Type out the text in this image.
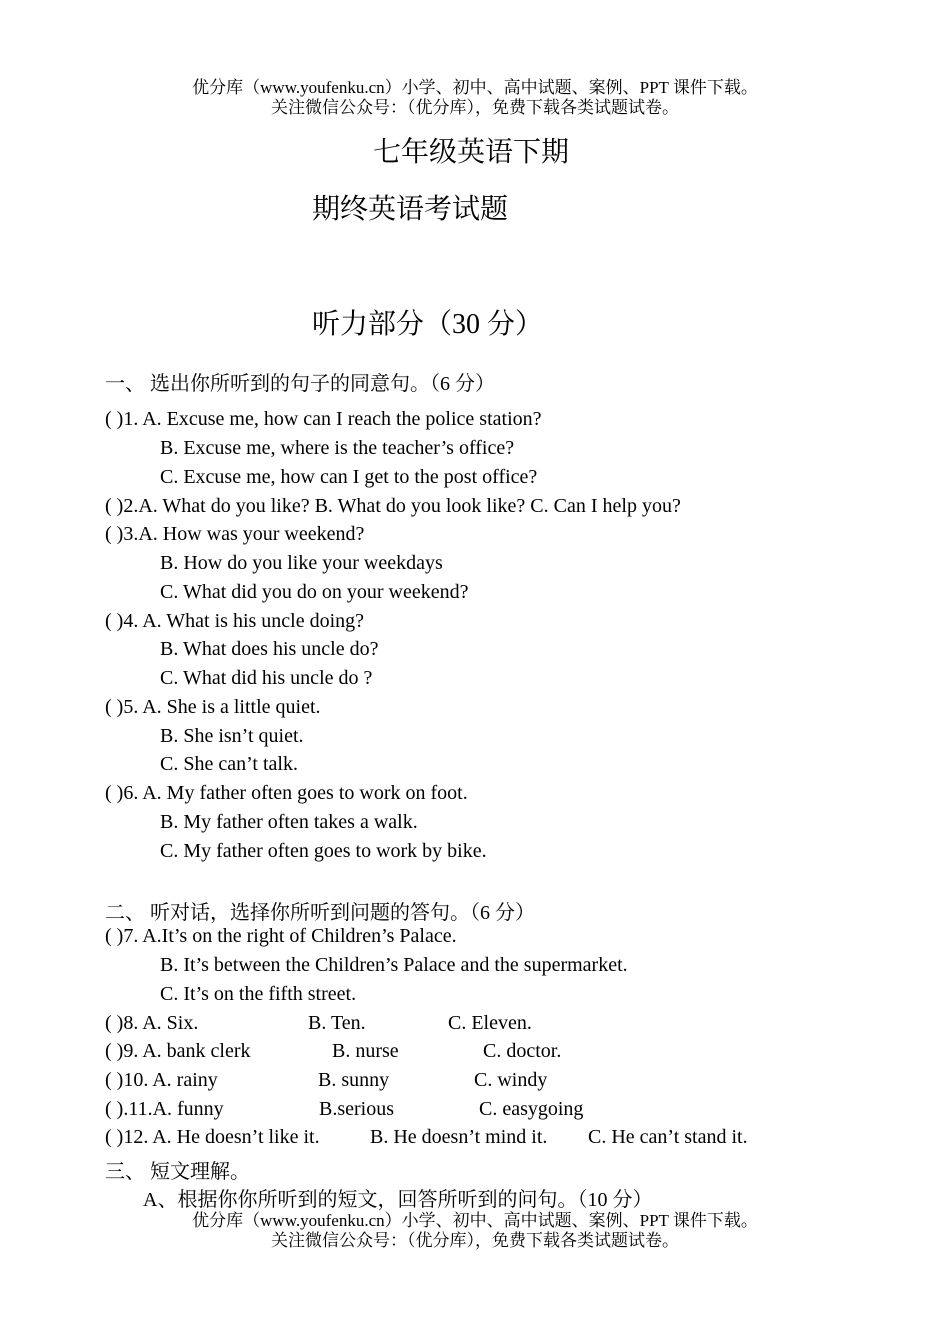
优分库（www.youfenku.cn）小学、初中、高中试题、案例、PPT 课件下载。
关注微信公众号：（优分库），免费下载各类试题试卷。
七年级英语下期
期终英语考试题
听力部分（30 分）
一、 选出你所听到的句子的同意句。（6 分）
( )1. A. Excuse me, how can I reach the police station?
B. Excuse me, where is the teacher’s office?
C. Excuse me, how can I get to the post office?
( )2.A. What do you like? B. What do you look like? C. Can I help you?
( )3.A. How was your weekend?
B. How do you like your weekdays
C. What did you do on your weekend?
( )4. A. What is his uncle doing?
B. What does his uncle do?
C. What did his uncle do ?
( )5. A. She is a little quiet.
B. She isn’t quiet.
C. She can’t talk.
( )6. A. My father often goes to work on foot.
B. My father often takes a walk.
C. My father often goes to work by bike.
二、 听对话，选择你所听到问题的答句。（6 分）
( )7. A.It’s on the right of Children’s Palace.
B. It’s between the Children’s Palace and the supermarket.
C. It’s on the fifth street.
( )8. A. Six.	B. Ten.	C. Eleven.
( )9. A. bank clerk	B. nurse	C. doctor.
( )10. A. rainy	B. sunny	C. windy
( ).11.A. funny	B.serious	C. easygoing
( )12. A. He doesn’t like it.	B. He doesn’t mind it. C. He can’t stand it.
三、 短文理解。
A、根据你你所听到的短文，回答所听到的问句。（10 分）
优分库（www.youfenku.cn）小学、初中、高中试题、案例、PPT 课件下载。
关注微信公众号：（优分库），免费下载各类试题试卷。
